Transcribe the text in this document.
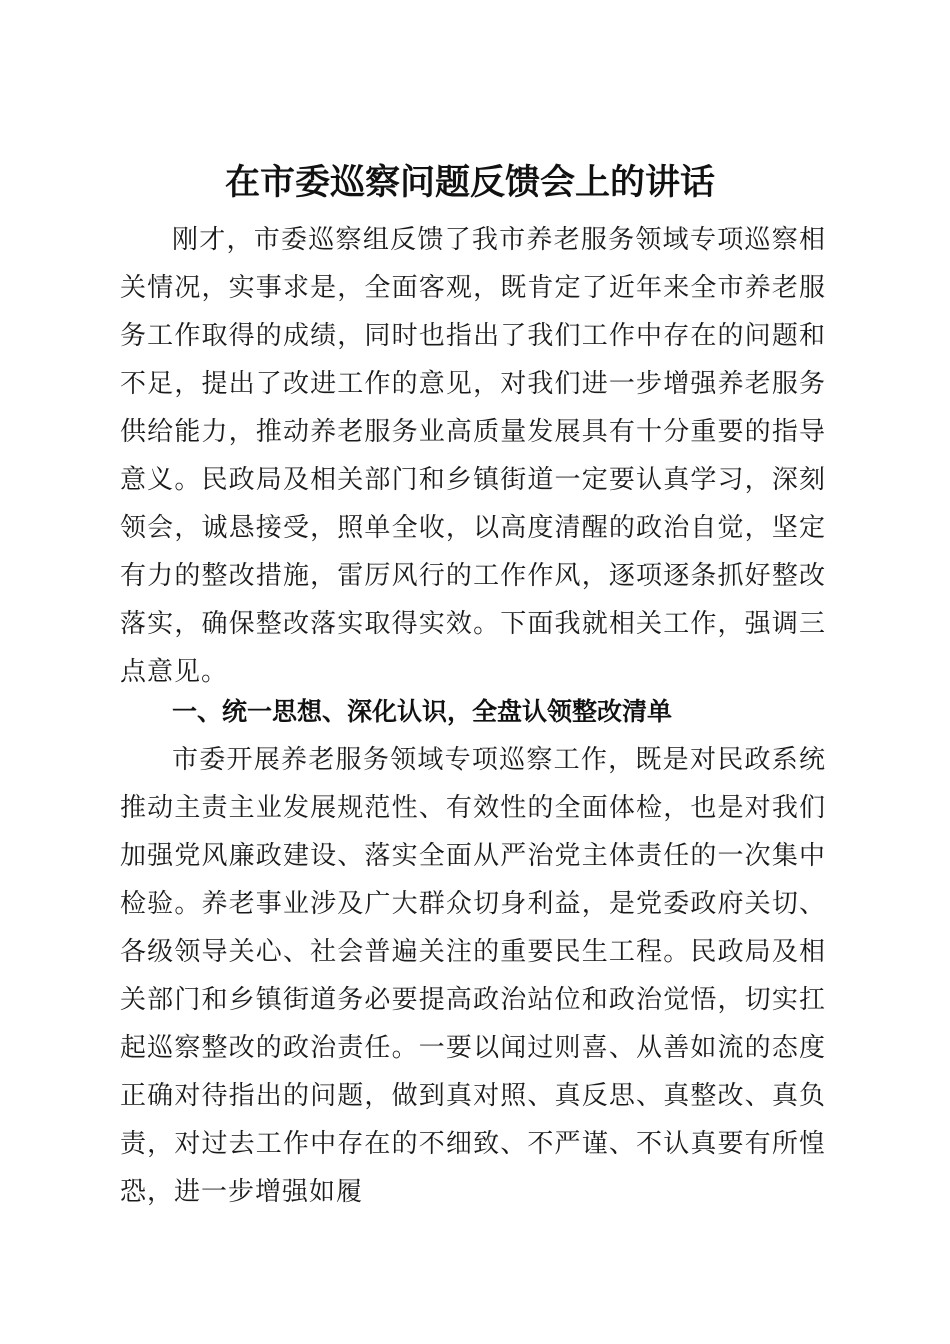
在市委巡察问题反馈会上的讲话

刚才，市委巡察组反馈了我市养老服务领域专项巡察相关情况，实事求是，全面客观，既肯定了近年来全市养老服务工作取得的成绩，同时也指出了我们工作中存在的问题和不足，提出了改进工作的意见，对我们进一步增强养老服务供给能力，推动养老服务业高质量发展具有十分重要的指导意义。民政局及相关部门和乡镇街道一定要认真学习，深刻领会，诚恳接受，照单全收，以高度清醒的政治自觉，坚定有力的整改措施，雷厉风行的工作作风，逐项逐条抓好整改落实，确保整改落实取得实效。下面我就相关工作，强调三点意见。

一、统一思想、深化认识，全盘认领整改清单

市委开展养老服务领域专项巡察工作，既是对民政系统推动主责主业发展规范性、有效性的全面体检，也是对我们加强党风廉政建设、落实全面从严治党主体责任的一次集中检验。养老事业涉及广大群众切身利益，是党委政府关切、各级领导关心、社会普遍关注的重要民生工程。民政局及相关部门和乡镇街道务必要提高政治站位和政治觉悟，切实扛起巡察整改的政治责任。一要以闻过则喜、从善如流的态度正确对待指出的问题，做到真对照、真反思、真整改、真负责，对过去工作中存在的不细致、不严谨、不认真要有所惶恐，进一步增强如履
